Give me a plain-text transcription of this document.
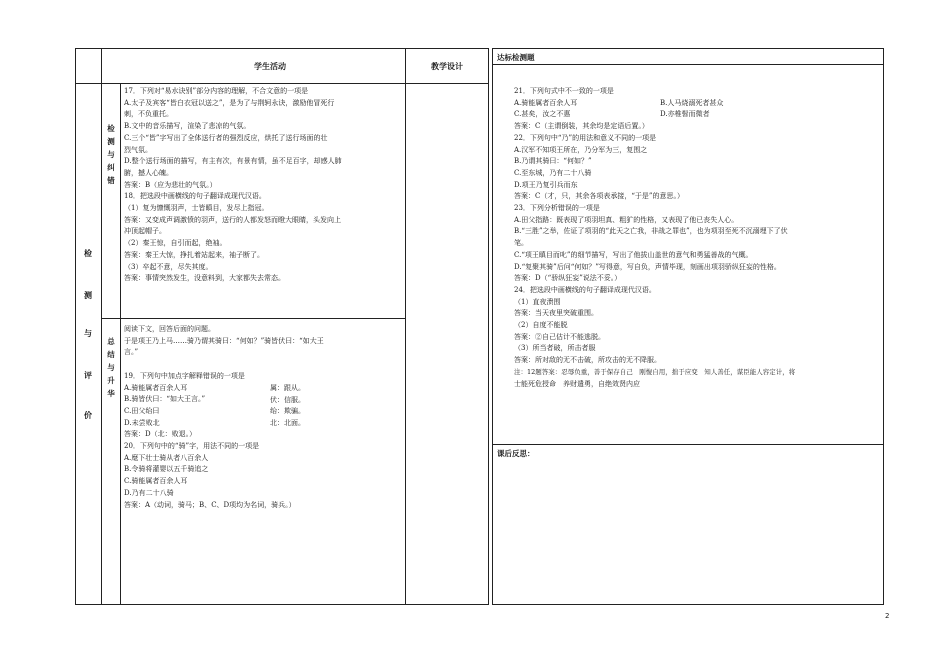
学生活动	教学设计
检
测
与
评
价
检
测
与
纠
错
总
结
与
升
华
17．下列对“易水诀别”部分内容的理解，不合文意的一项是
A.太子及宾客“皆白衣冠以送之”，是为了与荆轲永诀，激励他冒死行
刺，不负重托。
B.文中的音乐描写，渲染了悲凉的气氛。
C.三个“皆”字写出了全体送行者的强烈反应，烘托了送行场面的壮
烈气氛。
D.整个送行场面的描写，有主有次，有景有情，虽不足百字，却感人肺
腑，撼人心魄。
答案：B（应为悲壮的气氛。）
18．把选段中画横线的句子翻译成现代汉语。
（1）复为慷慨羽声，士皆瞋目，发尽上指冠。
答案：又变成声调激愤的羽声，送行的人都发怒而瞪大眼睛，头发向上
冲顶起帽子。
（2）秦王惊，自引而起，绝袖。
答案：秦王大惊，挣扎着站起来，袖子断了。
（3）卒起不意，尽失其度。
答案：事情突然发生，没意料到，大家都失去常态。
阅读下文，回答后面的问题。
于是项王乃上马……骑乃谓其骑曰：“何如？”骑皆伏曰：“如大王
言。”
19．下列句中加点字解释错误的一项是
A.骑能属者百余人耳
B.骑皆伏曰：“如大王言。”
C.田父绐曰
D.未尝败北
答案：D（北：败退。）
20．下列句中的“骑”字，用法不同的一项是
A.麾下壮士骑从者八百余人
B.令骑将灌婴以五千骑追之
C.骑能属者百余人耳
D.乃有二十八骑
答案：A（动词，骑马；B、C、D项均为名词，骑兵。）
属：跟从。
伏：信服。
绐：欺骗。
北：北面。
达标检测题
21．下列句式中不一致的一项是
A.骑能属者百余人耳
C.甚矣，汝之不惠
答案：C（主谓倒装，其余均是定语后置。）
22．下列句中“乃”的用法和意义不同的一项是
A.汉军不知项王所在，乃分军为三，复围之
B.乃谓其骑曰：“何如？”
C.至东城，乃有二十八骑
D.项王乃复引兵而东
答案：C（才，只，其余各项表承接，“于是”的意思。）
23．下列分析错误的一项是
A.田父指路：既表现了项羽坦真、粗犷的性格，又表现了他已丧失人心。
B.“三胜”之举，佐证了项羽的“此天之亡我，非战之罪也”，也为项羽至死不沉溺埋下了伏
笔。
C.“项王瞋目而叱”的细节描写，写出了他拔山盖世的意气和勇猛善战的气概。
D.“复聚其骑”后问“何如？”写得意，写自负，声情毕现，刻画出项羽骄纵狂妄的性格。
答案：D（“骄纵狂妄”说法不妥。）
24．把选段中画横线的句子翻译成现代汉语。
（1）直夜溃围
答案：当天夜里突破重围。
（2）自度不能脱
答案：②自己估计不能逃脱。
（3）所当者破，所击者服
答案：所对敌的无不击破，所攻击的无不降服。
注：12题答案：忍辱负重，善于保存自己　刚愎自用，拙于应变　知人善任，谋臣能人容定计，将
士能死危授命　养财遣勇，自绝效贤内应
B.人马烧溺死者甚众
D.亦椎髫而微者
课后反思：
2
